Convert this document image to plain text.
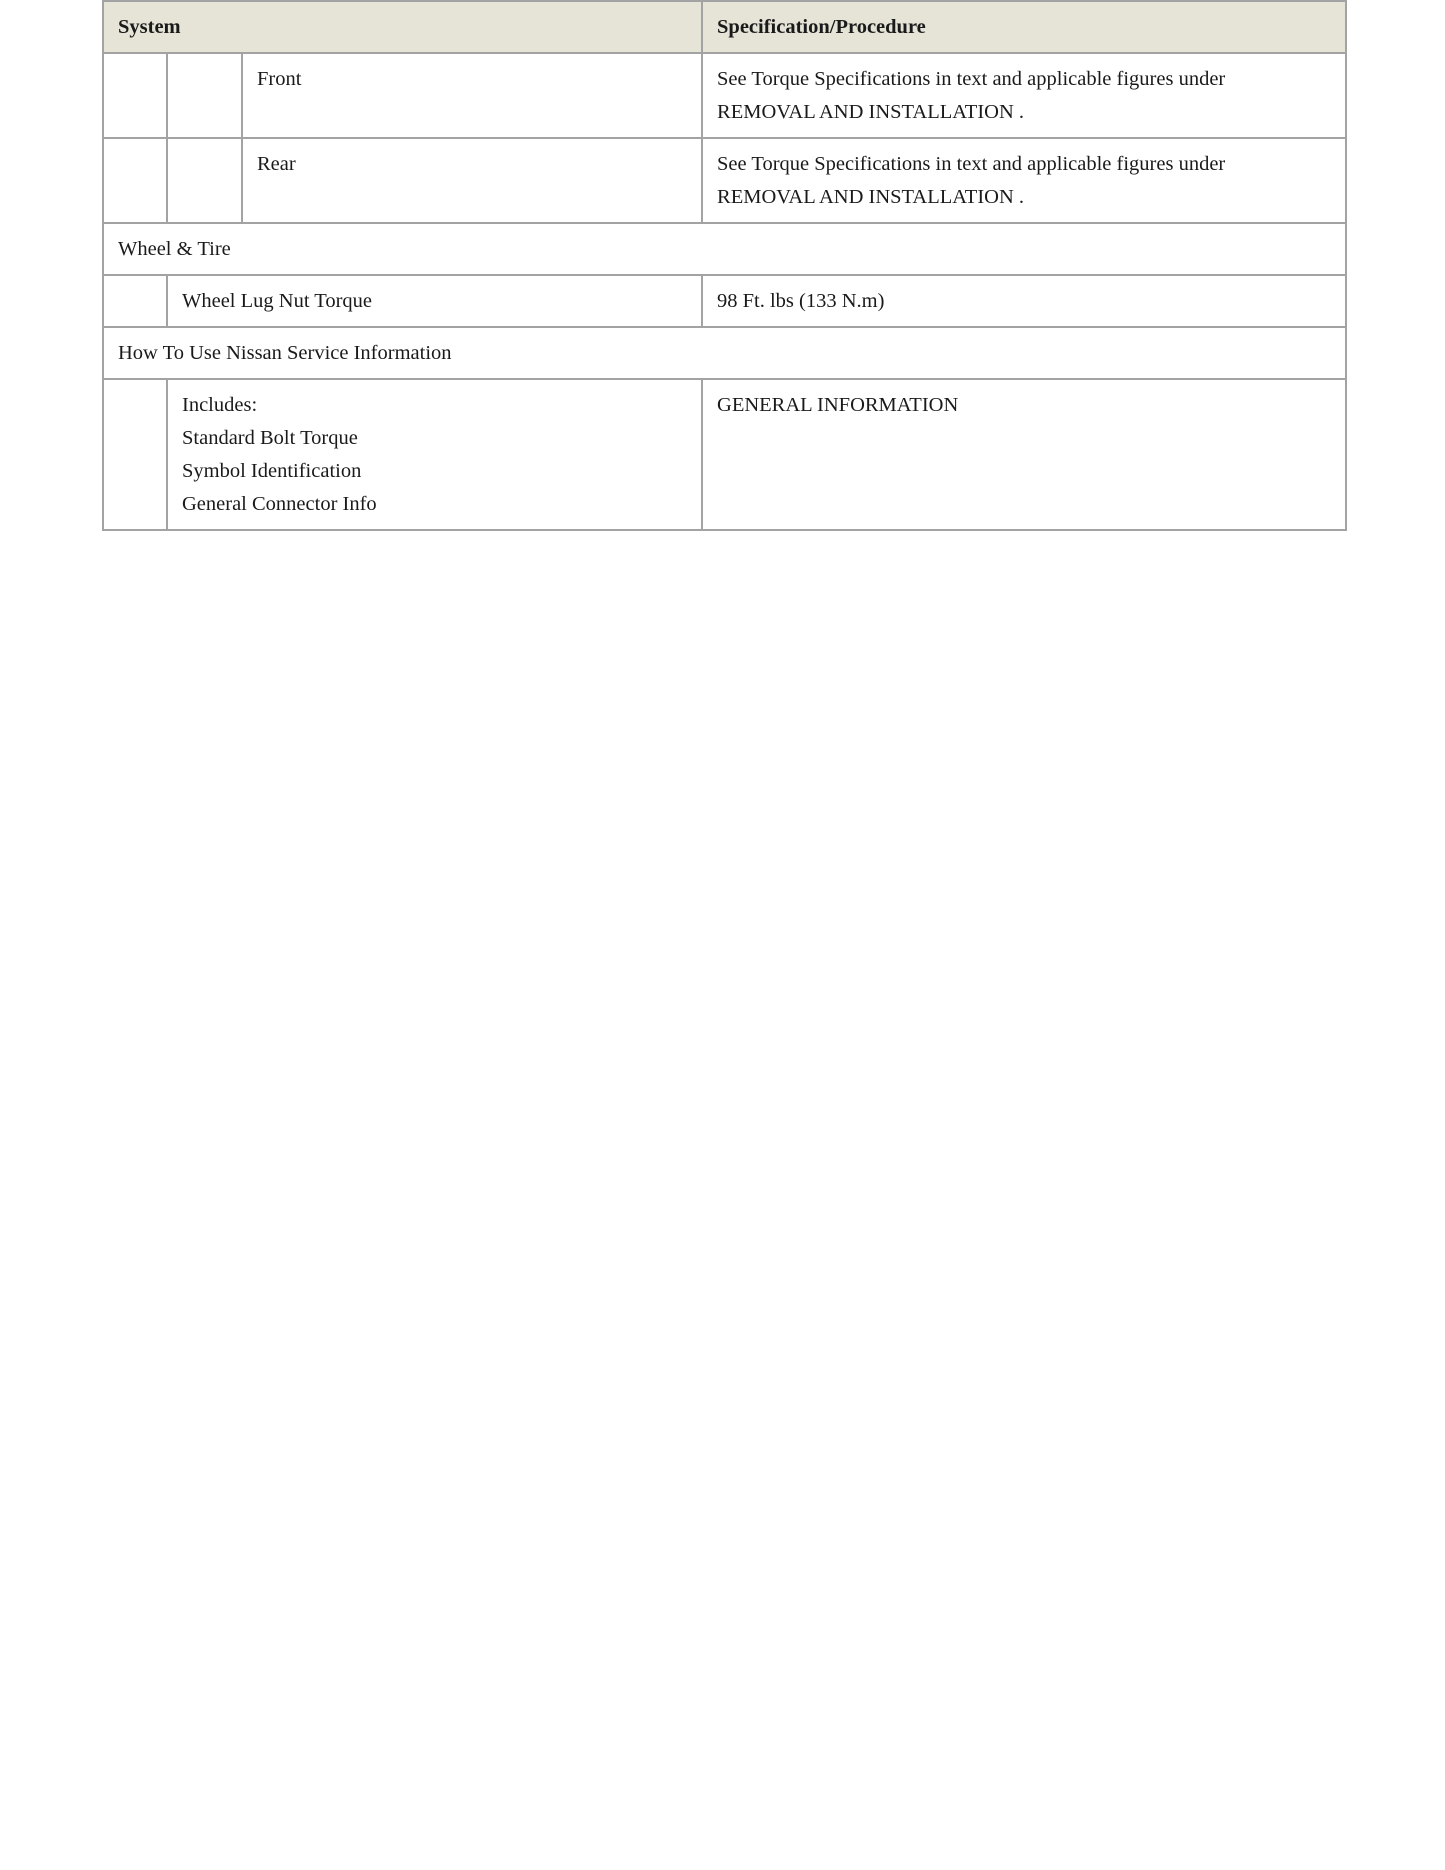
System			Specification/Procedure
		Front	See Torque Specifications in text and applicable figures under
REMOVAL AND INSTALLATION .

		Rear	See Torque Specifications in text and applicable figures under
REMOVAL AND INSTALLATION .

Wheel & Tire			
	Wheel Lug Nut Torque		98 Ft. lbs (133 N.m)
How To Use Nissan Service Information			

	Includes:
Standard Bolt Torque
Symbol Identification
General Connector Info		GENERAL INFORMATION
